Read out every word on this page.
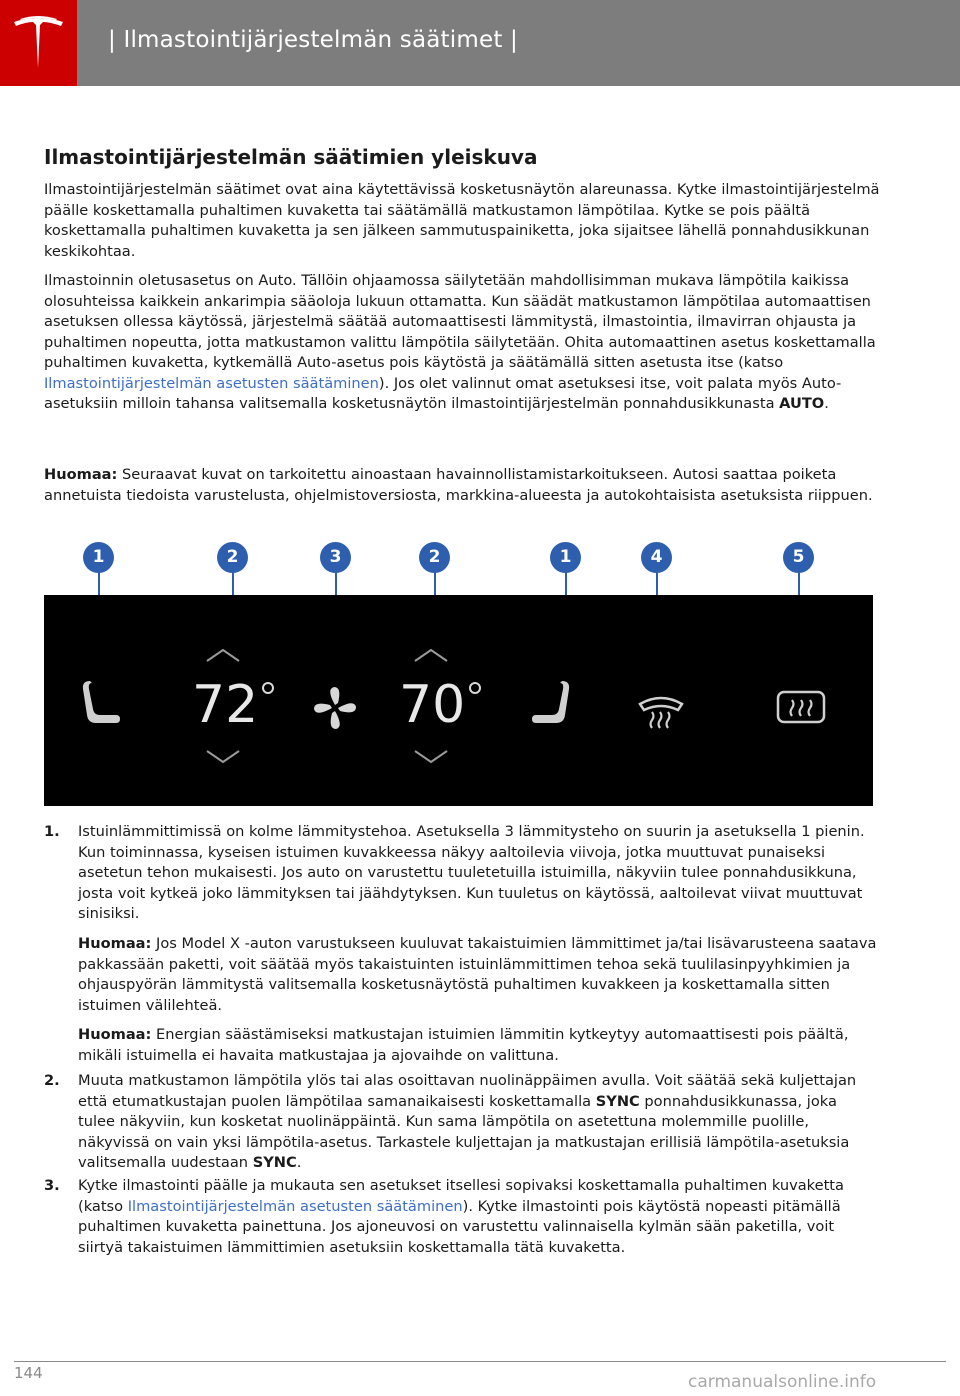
| Ilmastointijärjestelmän säätimet |
Ilmastointijärjestelmän säätimien yleiskuva

Ilmastointijärjestelmän säätimet ovat aina käytettävissä kosketusnäytön alareunassa. Kytke ilmastointijärjestelmä päälle koskettamalla puhaltimen kuvaketta tai säätämällä matkustamon lämpötilaa. Kytke se pois päältä koskettamalla puhaltimen kuvaketta ja sen jälkeen sammutuspainiketta, joka sijaitsee lähellä ponnahdusikkunan keskikohtaa.

Ilmastoinnin oletusasetus on Auto. Tällöin ohjaamossa säilytetään mahdollisimman mukava lämpötila kaikissa olosuhteissa kaikkein ankarimpia sääoloja lukuun ottamatta. Kun säädät matkustamon lämpötilaa automaattisen asetuksen ollessa käytössä, järjestelmä säätää automaattisesti lämmitystä, ilmastointia, ilmavirran ohjausta ja puhaltimen nopeutta, jotta matkustamon valittu lämpötila säilytetään. Ohita automaattinen asetus koskettamalla puhaltimen kuvaketta, kytkemällä Auto-asetus pois käytöstä ja säätämällä sitten asetusta itse (katso Ilmastointijärjestelmän asetusten säätäminen). Jos olet valinnut omat asetuksesi itse, voit palata myös Auto-asetuksiin milloin tahansa valitsemalla kosketusnäytön ilmastointijärjestelmän ponnahdusikkunasta AUTO.

Huomaa: Seuraavat kuvat on tarkoitettu ainoastaan havainnollistamistarkoitukseen. Autosi saattaa poiketa annetuista tiedoista varustelusta, ohjelmistoversiosta, markkina-alueesta ja autokohtaisista asetuksista riippuen.

1	2	3	2	1	4	5
72	70
1. Istuinlämmittimissä on kolme lämmitystehoa. Asetuksella 3 lämmitysteho on suurin ja asetuksella 1 pienin. Kun toiminnassa, kyseisen istuimen kuvakkeessa näkyy aaltoilevia viivoja, jotka muuttuvat punaiseksi asetetun tehon mukaisesti. Jos auto on varustettu tuuletetuilla istuimilla, näkyviin tulee ponnahdusikkuna, josta voit kytkeä joko lämmityksen tai jäähdytyksen. Kun tuuletus on käytössä, aaltoilevat viivat muuttuvat sinisiksi.

Huomaa: Jos Model X -auton varustukseen kuuluvat takaistuimien lämmittimet ja/tai lisävarusteena saatava pakkassään paketti, voit säätää myös takaistuinten istuinlämmittimen tehoa sekä tuulilasinpyyhkimien ja ohjauspyörän lämmitystä valitsemalla kosketusnäytöstä puhaltimen kuvakkeen ja koskettamalla sitten istuimen välilehteä.

Huomaa: Energian säästämiseksi matkustajan istuimien lämmitin kytkeytyy automaattisesti pois päältä, mikäli istuimella ei havaita matkustajaa ja ajovaihde on valittuna.

2. Muuta matkustamon lämpötila ylös tai alas osoittavan nuolinäppäimen avulla. Voit säätää sekä kuljettajan että etumatkustajan puolen lämpötilaa samanaikaisesti koskettamalla SYNC ponnahdusikkunassa, joka tulee näkyviin, kun kosketat nuolinäppäintä. Kun sama lämpötila on asetettuna molemmille puolille, näkyvissä on vain yksi lämpötila-asetus. Tarkastele kuljettajan ja matkustajan erillisiä lämpötila-asetuksia valitsemalla uudestaan SYNC.

3. Kytke ilmastointi päälle ja mukauta sen asetukset itsellesi sopivaksi koskettamalla puhaltimen kuvaketta (katso Ilmastointijärjestelmän asetusten säätäminen). Kytke ilmastointi pois käytöstä nopeasti pitämällä puhaltimen kuvaketta painettuna. Jos ajoneuvosi on varustettu valinnaisella kylmän sään paketilla, voit siirtyä takaistuimen lämmittimien asetuksiin koskettamalla tätä kuvaketta.

144	carmanualsonline.info
